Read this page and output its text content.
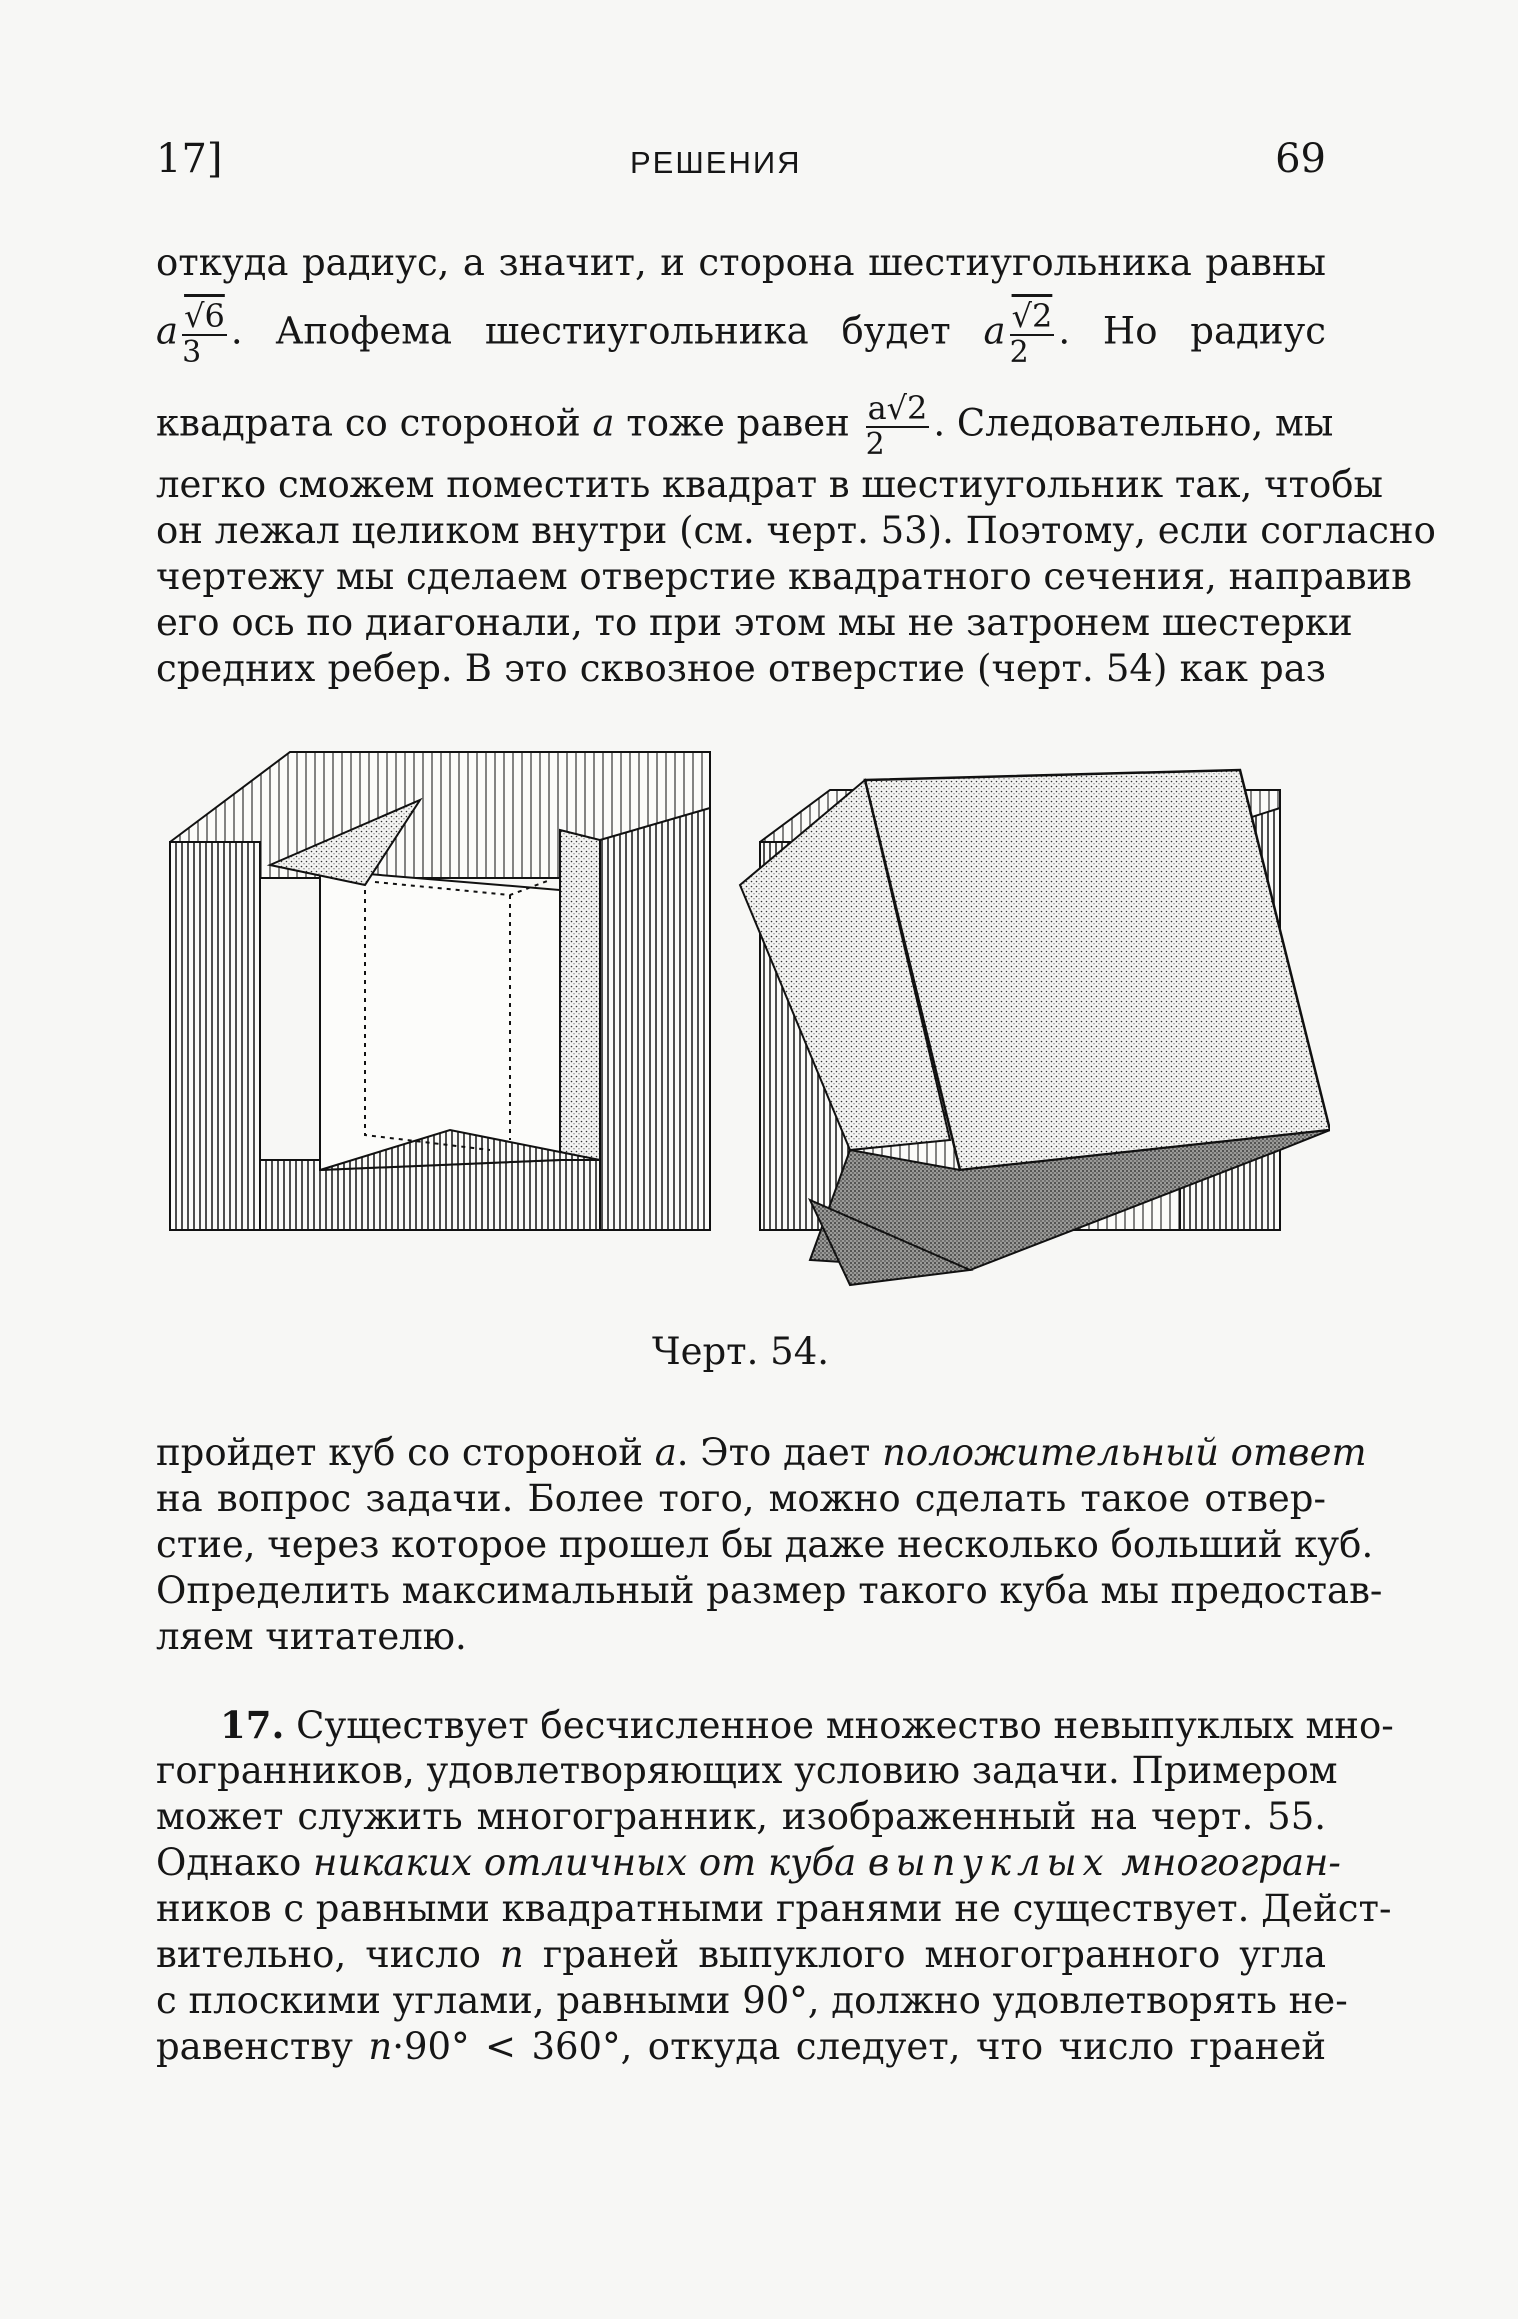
17]	РЕШЕНИЯ	69
откуда радиус, а значит, и сторона шестиугольника равны
a $\frac{√6}{3}$ . Апофема шестиугольника будет a $\frac{√2}{2}$ . Но радиус
квадрата со стороной a тоже равен $\frac{a√2}{2}$ . Следовательно, мы
легко сможем поместить квадрат в шестиугольник так, чтобы
он лежал целиком внутри (см. черт. 53). Поэтому, если согласно
чертежу мы сделаем отверстие квадратного сечения, направив
его ось по диагонали, то при этом мы не затронем шестерки
средних ребер. В это сквозное отверстие (черт. 54) как раз
Черт. 54.
пройдет куб со стороной a. Это дает положительный ответ
на вопрос задачи. Более того, можно сделать такое отвер-
стие, через которое прошел бы даже несколько больший куб.
Определить максимальный размер такого куба мы предостав-
ляем читателю.
17. Существует бесчисленное множество невыпуклых мно-
гогранников, удовлетворяющих условию задачи. Примером
может служить многогранник, изображенный на черт. 55.
Однако никаких отличных от куба выпуклых многогран-
ников с равными квадратными гранями не существует. Дейст-
вительно, число n граней выпуклого многогранного угла
с плоскими углами, равными 90°, должно удовлетворять не-
равенству n·90° < 360°, откуда следует, что число граней
